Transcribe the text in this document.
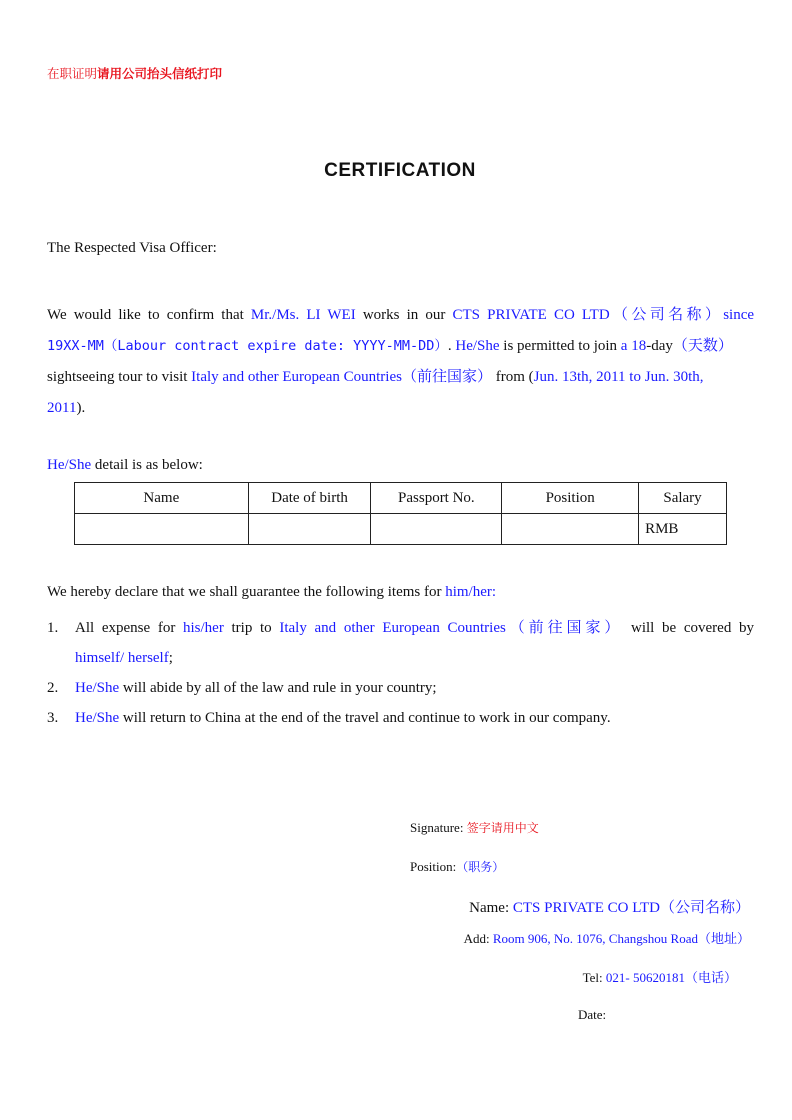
在职证明请用公司抬头信纸打印
CERTIFICATION
The Respected Visa Officer:
We would like to confirm that Mr./Ms. LI WEI works in our CTS PRIVATE CO LTD（公司名称）since
19XX-MM（Labour contract expire date: YYYY-MM-DD）. He/She is permitted to join a 18-day（天数）
sightseeing tour to visit Italy and other European Countries（前往国家） from (Jun. 13th, 2011 to Jun. 30th,
2011).
He/She detail is as below:
Name	Date of birth	Passport No.	Position	Salary
				RMB
We hereby declare that we shall guarantee the following items for him/her:
1. All expense for his/her trip to Italy and other European Countries（前往国家） will be covered by
himself/ herself;
2. He/She will abide by all of the law and rule in your country;
3. He/She will return to China at the end of the travel and continue to work in our company.
Signature: 签字请用中文
Position:（职务）
Name: CTS PRIVATE CO LTD（公司名称）
Add: Room 906, No. 1076, Changshou Road（地址）
Tel: 021- 50620181（电话）
Date:
